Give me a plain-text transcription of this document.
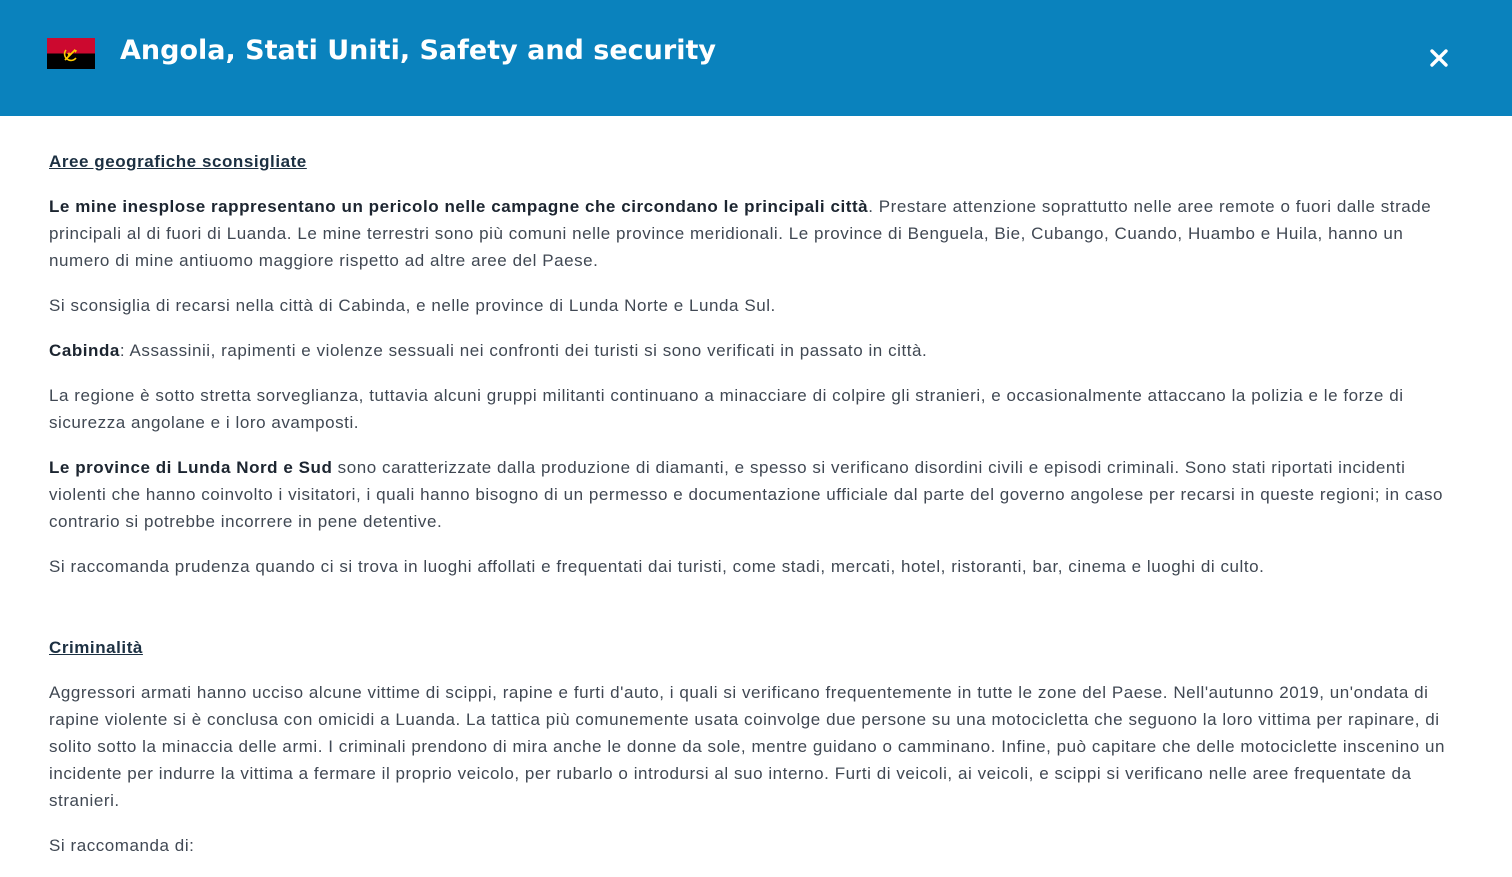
Angola, Stati Uniti, Safety and security
Aree geografiche sconsigliate

Le mine inesplose rappresentano un pericolo nelle campagne che circondano le principali città. Prestare attenzione soprattutto nelle aree remote o fuori dalle strade principali al di fuori di Luanda. Le mine terrestri sono più comuni nelle province meridionali. Le province di Benguela, Bie, Cubango, Cuando, Huambo e Huila, hanno un numero di mine antiuomo maggiore rispetto ad altre aree del Paese.

Si sconsiglia di recarsi nella città di Cabinda, e nelle province di Lunda Norte e Lunda Sul.

Cabinda: Assassinii, rapimenti e violenze sessuali nei confronti dei turisti si sono verificati in passato in città.

La regione è sotto stretta sorveglianza, tuttavia alcuni gruppi militanti continuano a minacciare di colpire gli stranieri, e occasionalmente attaccano la polizia e le forze di sicurezza angolane e i loro avamposti.

Le province di Lunda Nord e Sud sono caratterizzate dalla produzione di diamanti, e spesso si verificano disordini civili e episodi criminali. Sono stati riportati incidenti violenti che hanno coinvolto i visitatori, i quali hanno bisogno di un permesso e documentazione ufficiale dal parte del governo angolese per recarsi in queste regioni; in caso contrario si potrebbe incorrere in pene detentive.

Si raccomanda prudenza quando ci si trova in luoghi affollati e frequentati dai turisti, come stadi, mercati, hotel, ristoranti, bar, cinema e luoghi di culto.

Criminalità

Aggressori armati hanno ucciso alcune vittime di scippi, rapine e furti d'auto, i quali si verificano frequentemente in tutte le zone del Paese. Nell'autunno 2019, un'ondata di rapine violente si è conclusa con omicidi a Luanda. La tattica più comunemente usata coinvolge due persone su una motocicletta che seguono la loro vittima per rapinare, di solito sotto la minaccia delle armi. I criminali prendono di mira anche le donne da sole, mentre guidano o camminano. Infine, può capitare che delle motociclette inscenino un incidente per indurre la vittima a fermare il proprio veicolo, per rubarlo o introdursi al suo interno. Furti di veicoli, ai veicoli, e scippi si verificano nelle aree frequentate da stranieri.

Si raccomanda di:
